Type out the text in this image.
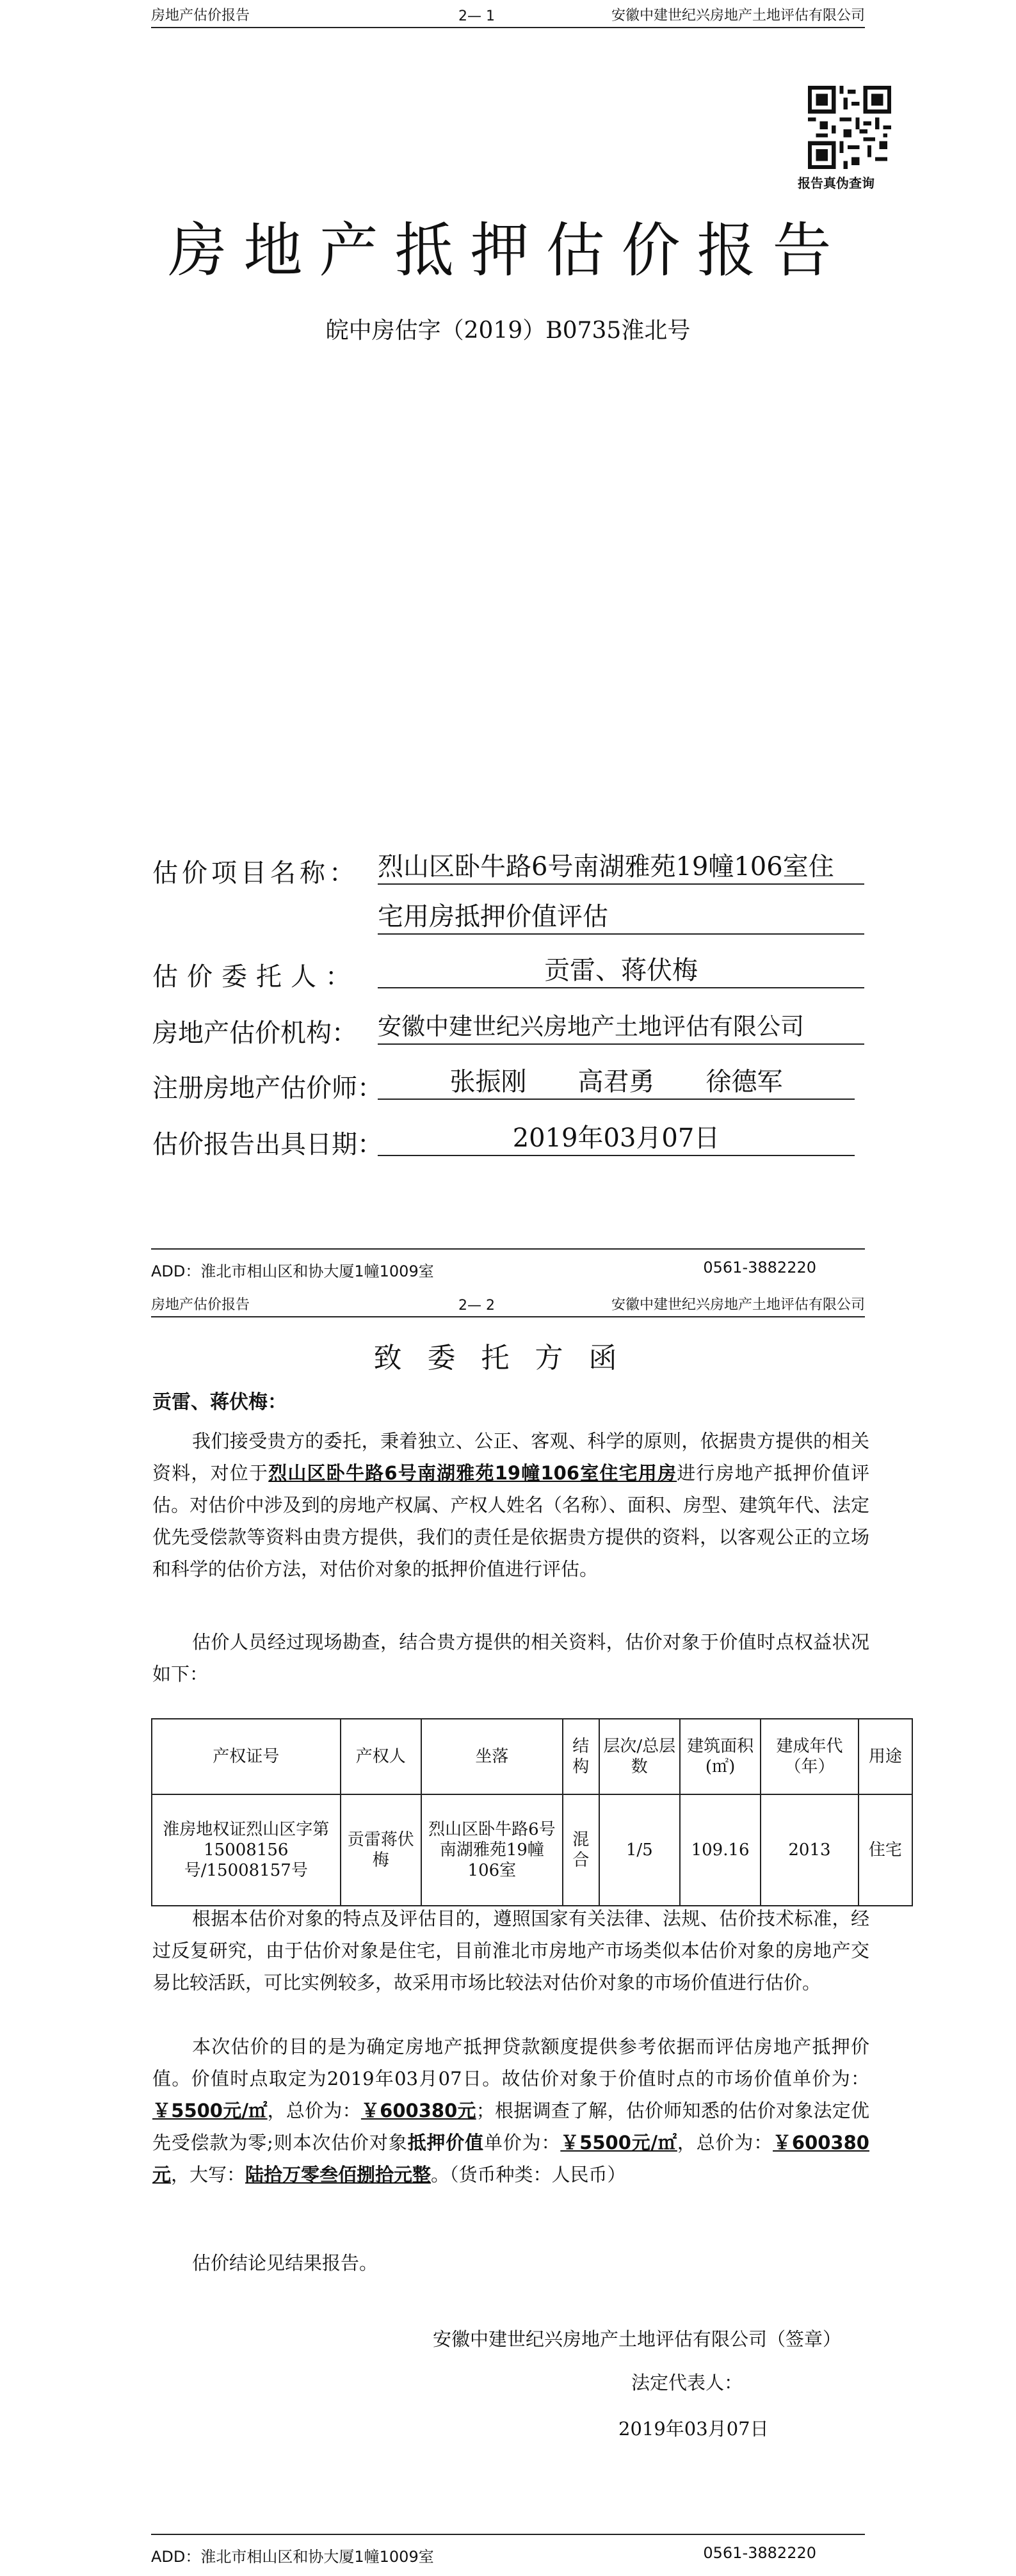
房地产估价报告	2— 1	安徽中建世纪兴房地产土地评估有限公司
报告真伪查询
房地产抵押估价报告
皖中房估字（2019）B0735淮北号
估价项目名称： 烈山区卧牛路6号南湖雅苑19幢106室住
宅用房抵押价值评估
估价委托人：	贡雷、蒋伏梅
房地产估价机构： 安徽中建世纪兴房地产土地评估有限公司
注册房地产估价师：	张振刚　　高君勇　　徐德军
估价报告出具日期：	2019年03月07日
ADD：淮北市相山区和协大厦1幢1009室	0561-3882220
房地产估价报告	2— 2	安徽中建世纪兴房地产土地评估有限公司
致委托方函
贡雷、蒋伏梅：
我们接受贵方的委托，秉着独立、公正、客观、科学的原则，依据贵方提供的相关资料，对位于烈山区卧牛路6号南湖雅苑19幢106室住宅用房进行房地产抵押价值评估。对估价中涉及到的房地产权属、产权人姓名（名称）、面积、房型、建筑年代、法定优先受偿款等资料由贵方提供，我们的责任是依据贵方提供的资料，以客观公正的立场和科学的估价方法，对估价对象的抵押价值进行评估。
估价人员经过现场勘查，结合贵方提供的相关资料，估价对象于价值时点权益状况如下：
产权证号	产权人	坐落	结构	层次/总层数	建筑面积(㎡)	建成年代（年）	用途
淮房地权证烈山区字第15008156号/15008157号	贡雷蒋伏梅	烈山区卧牛路6号南湖雅苑19幢106室	混合	1/5	109.16	2013	住宅
根据本估价对象的特点及评估目的，遵照国家有关法律、法规、估价技术标准，经过反复研究，由于估价对象是住宅，目前淮北市房地产市场类似本估价对象的房地产交易比较活跃，可比实例较多，故采用市场比较法对估价对象的市场价值进行估价。
本次估价的目的是为确定房地产抵押贷款额度提供参考依据而评估房地产抵押价值。价值时点取定为2019年03月07日。故估价对象于价值时点的市场价值单价为：￥5500元/㎡，总价为：￥600380元；根据调查了解，估价师知悉的估价对象法定优先受偿款为零;则本次估价对象抵押价值单价为：￥5500元/㎡，总价为：￥600380元，大写：陆拾万零叁佰捌拾元整。（货币种类：人民币）
估价结论见结果报告。
安徽中建世纪兴房地产土地评估有限公司（签章）
法定代表人：
2019年03月07日
ADD：淮北市相山区和协大厦1幢1009室	0561-3882220
